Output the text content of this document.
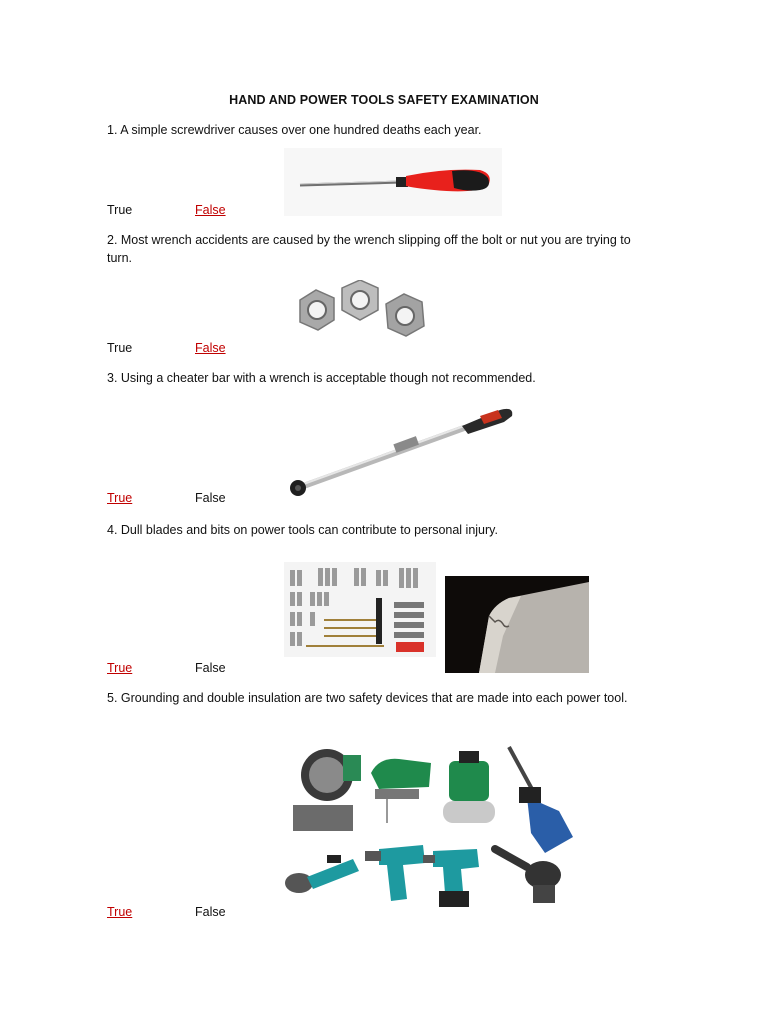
HAND AND POWER TOOLS SAFETY EXAMINATION
1. A simple screwdriver causes over one hundred deaths each year.
True	False
2. Most wrench accidents are caused by the wrench slipping off the bolt or nut you are trying to turn.
True	False
3. Using a cheater bar with a wrench is acceptable though not recommended.
True	False
4. Dull blades and bits on power tools can contribute to personal injury.
True	False
5. Grounding and double insulation are two safety devices that are made into each power tool.
True	False
